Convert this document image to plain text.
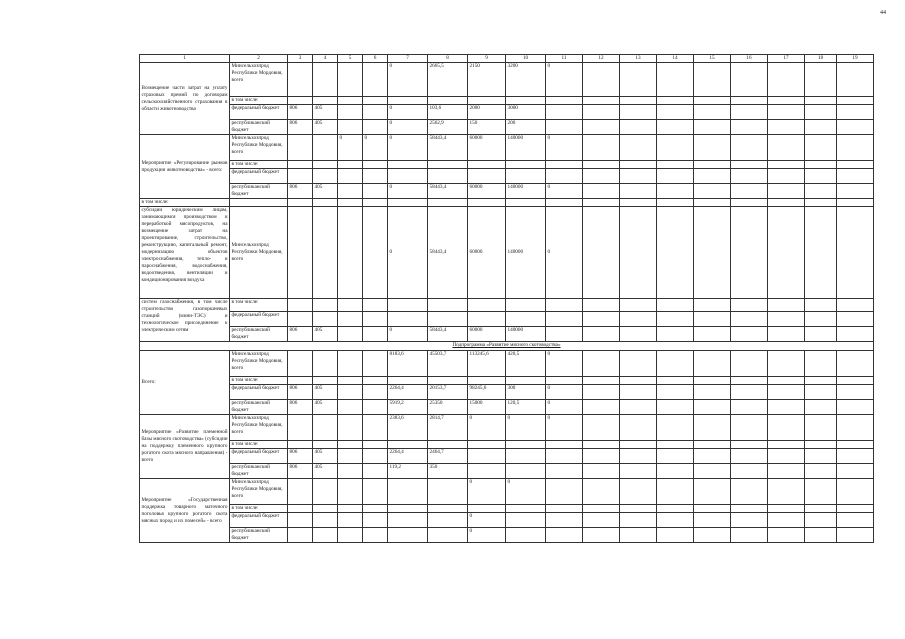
44
1	2	3	4	5	6	7	8	9	10	11	12	13	14	15	16	17	18	19
Возмещение части затрат на уплату страховых премий по договорам сельскохозяйственного страхования в области животноводства	Минсельхозпрод Республики Мордовия, всего					0	2665,5	2150	3200	0								
	в том числе:																	
	федеральный бюджет	806	405			0	103,6	2000	3000									
	республиканский бюджет	806	405			0	2562,9	150	200									
Мероприятие «Регулирование рынков продукции животноводства» - всего:	Минсельхозпрод Республики Мордовия, всего			0	0	0	58443,4	60000	140000	0								
	в том числе:																	
	федеральный бюджет																	
	республиканский бюджет	806	405			0	58443,4	60000	140000	0								
в том числе:																		
субсидии юридическим лицам, занимающимся производством и переработкой мясопродуктов, на возмещение затрат на проектирование, строительство, реконструкцию, капитальный ремонт, модернизацию объектов электроснабжения, тепло- и пароснабжения, водоснабжения, водоотведения, вентиляции и кондиционирования воздуха	Минсельхозпрод Республики Мордовия, всего					0	58443,4	60000	140000	0								
систем газоснабжения, в том числе строительство газопоршневых станций (мини-ТЭС) и технологическое присоединение к электрическим сетям	в том числе:																	
	федеральный бюджет																	
	республиканский бюджет	806	405			0	58443,4	60000	140000									
Подпрограмма «Развитие мясного скотоводства»																		
Всего:	Минсельхозпрод Республики Мордовия, всего					8183,6	45503,7	113245,6	420,5	0								
	в том числе:																	
	федеральный бюджет	806	405			2264,4	20153,7	98245,6	300	0								
	республиканский бюджет	806	405			5919,2	25350	15000	120,5	0								
Мероприятие «Развитие племенной базы мясного скотоводства» (субсидии на поддержку племенного крупного рогатого скота мясного направления) - всего	Минсельхозпрод Республики Мордовия, всего					2383,6	2814,7	0	0	0								
	в том числе:																	
	федеральный бюджет	806	405			2264,4	2464,7											
	республиканский бюджет	806	405			119,2	350											
Мероприятие «Государственная поддержка товарного маточного поголовья крупного рогатого скота мясных пород и их помесей» - всего	Минсельхозпрод Республики Мордовия, всего							0	0									
	в том числе:																	
	федеральный бюджет							0										
	республиканский бюджет							0										
